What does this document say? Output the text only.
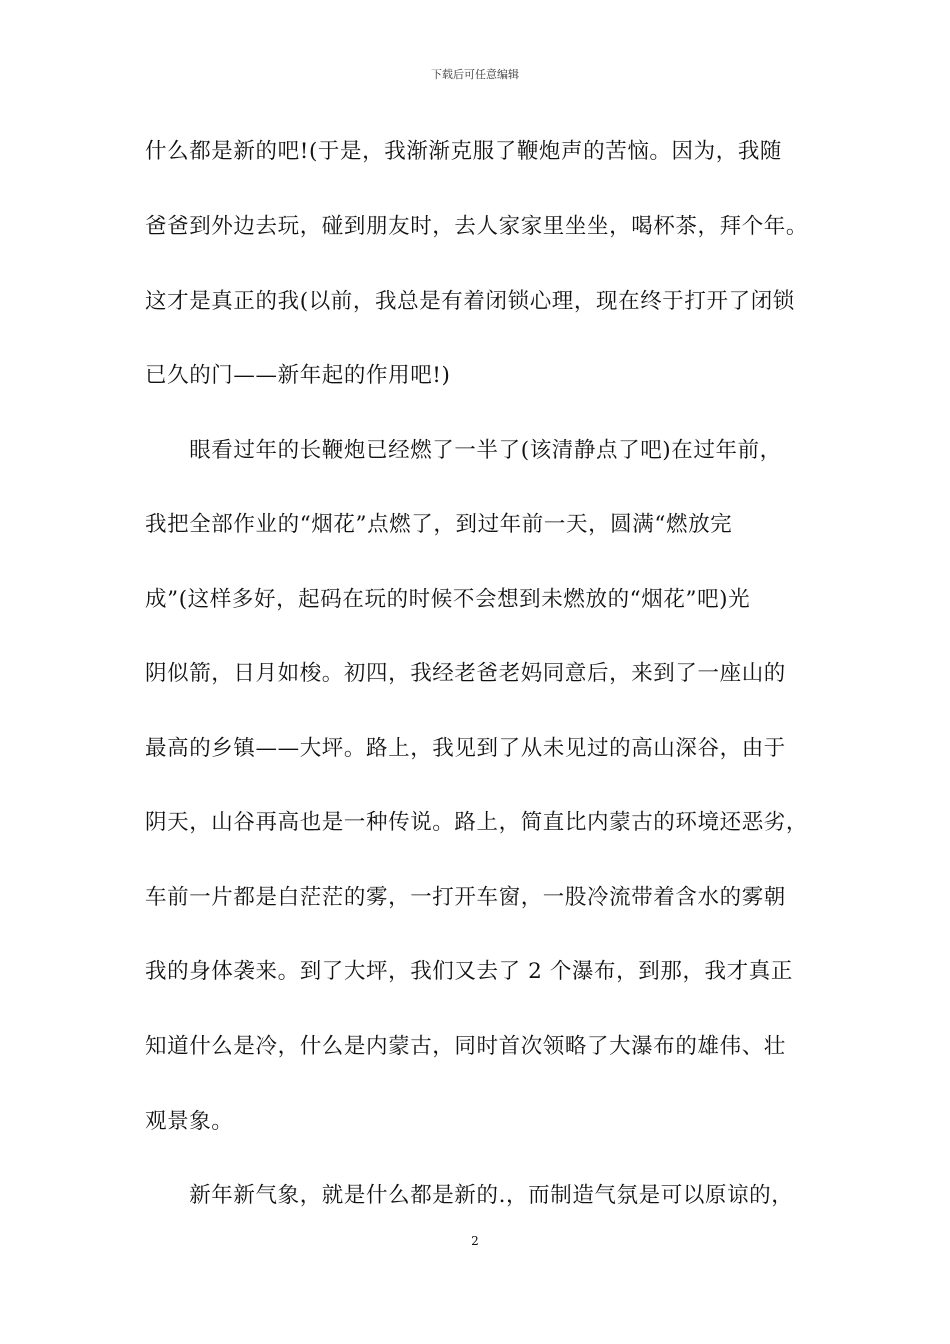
下载后可任意编辑
什么都是新的吧!(于是，我渐渐克服了鞭炮声的苦恼。因为，我随
爸爸到外边去玩，碰到朋友时，去人家家里坐坐，喝杯茶，拜个年。
这才是真正的我(以前，我总是有着闭锁心理，现在终于打开了闭锁
已久的门——新年起的作用吧!)
　　眼看过年的长鞭炮已经燃了一半了(该清静点了吧)在过年前，
我把全部作业的“烟花”点燃了，到过年前一天，圆满“燃放完
成”(这样多好，起码在玩的时候不会想到未燃放的“烟花”吧)光
阴似箭，日月如梭。初四，我经老爸老妈同意后，来到了一座山的
最高的乡镇——大坪。路上，我见到了从未见过的高山深谷，由于
阴天，山谷再高也是一种传说。路上，简直比内蒙古的环境还恶劣，
车前一片都是白茫茫的雾，一打开车窗，一股冷流带着含水的雾朝
我的身体袭来。到了大坪，我们又去了 2 个瀑布，到那，我才真正
知道什么是冷，什么是内蒙古，同时首次领略了大瀑布的雄伟、壮
观景象。
　　新年新气象，就是什么都是新的.，而制造气氛是可以原谅的，
2
